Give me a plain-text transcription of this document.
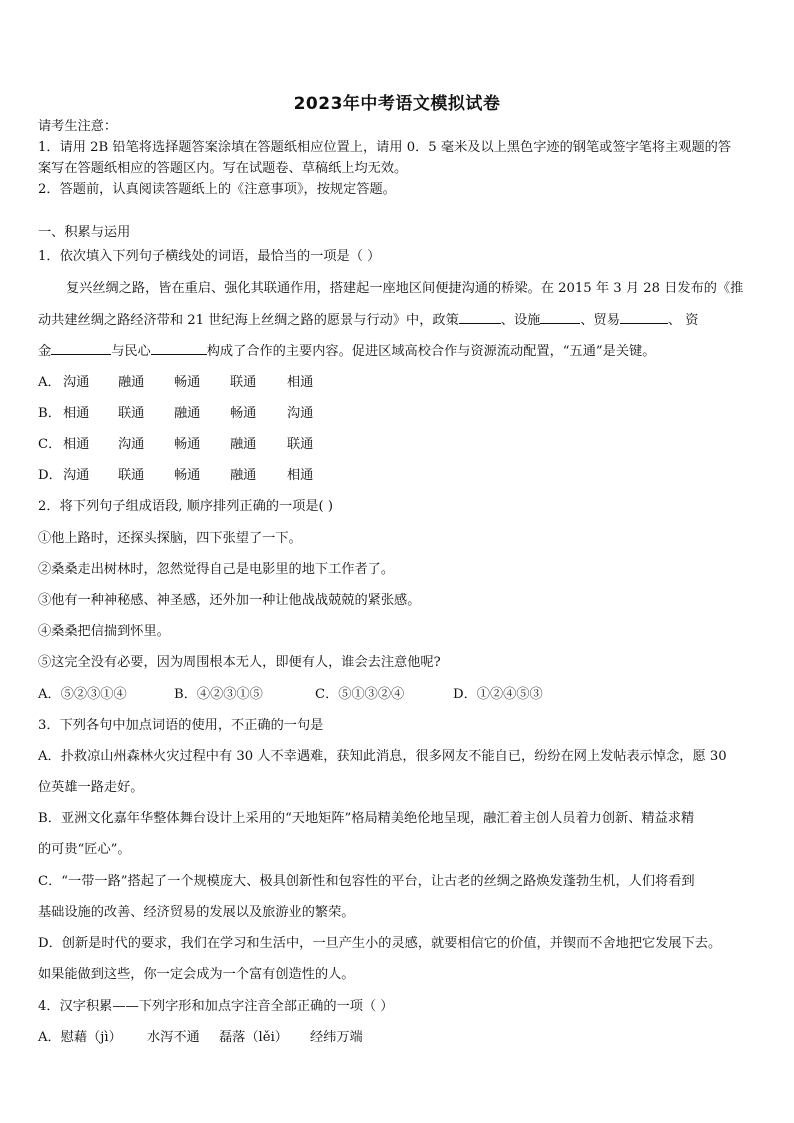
2023年中考语文模拟试卷
请考生注意：
1．请用 2B 铅笔将选择题答案涂填在答题纸相应位置上，请用 0．5 毫米及以上黑色字迹的钢笔或签字笔将主观题的答
案写在答题纸相应的答题区内。写在试题卷、草稿纸上均无效。
2．答题前，认真阅读答题纸上的《注意事项》，按规定答题。
一、积累与运用
1．依次填入下列句子横线处的词语，最恰当的一项是（ ）
复兴丝绸之路，皆在重启、强化其联通作用，搭建起一座地区间便捷沟通的桥梁。在 2015 年 3 月 28 日发布的《推
动共建丝绸之路经济带和 21 世纪海上丝绸之路的愿景与行动》中，政策	、设施	、贸易	、 资
金	与民心	构成了合作的主要内容。促进区域高校合作与资源流动配置，“五通”是关键。
A． 沟通 融通 畅通 联通 相通
B． 相通 联通 融通 畅通 沟通
C． 相通 沟通 畅通 融通 联通
D． 沟通 联通 畅通 融通 相通
2．将下列句子组成语段, 顺序排列正确的一项是( )
①他上路时，还探头探脑，四下张望了一下。
②桑桑走出树林时，忽然觉得自己是电影里的地下工作者了。
③他有一种神秘感、神圣感，还外加一种让他战战兢兢的紧张感。
④桑桑把信揣到怀里。
⑤这完全没有必要，因为周围根本无人，即便有人，谁会去注意他呢?
A．⑤②③①④	B．④②③①⑤	C．⑤①③②④	D．①②④⑤③
3．下列各句中加点词语的使用，不正确的一句是
A．扑救凉山州森林火灾过程中有 30 人不幸遇难，获知此消息，很多网友不能自已，纷纷在网上发帖表示悼念，愿 30
位英雄一路走好。
B．亚洲文化嘉年华整体舞台设计上采用的“天地矩阵”格局精美绝伦地呈现，融汇着主创人员着力创新、精益求精
的可贵“匠心”。
C．“一带一路”搭起了一个规模庞大、极具创新性和包容性的平台，让古老的丝绸之路焕发蓬勃生机，人们将看到
基础设施的改善、经济贸易的发展以及旅游业的繁荣。
D．创新是时代的要求，我们在学习和生活中，一旦产生小的灵感，就要相信它的价值，并锲而不舍地把它发展下去。
如果能做到这些，你一定会成为一个富有创造性的人。
4．汉字积累——下列字形和加点字注音全部正确的一项（ ）
A．慰藉（jì） 水泻不通 磊落（lěi） 经纬万端
